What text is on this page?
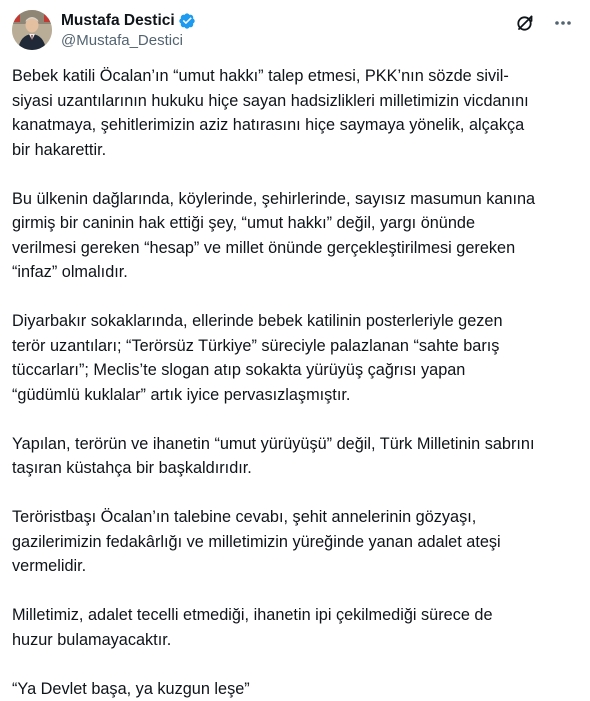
Mustafa Destici
@Mustafa_Destici

Bebek katili Öcalan’ın “umut hakkı” talep etmesi, PKK’nın sözde sivil-
siyasi uzantılarının hukuku hiçe sayan hadsizlikleri milletimizin vicdanını
kanatmaya, şehitlerimizin aziz hatırasını hiçe saymaya yönelik, alçakça
bir hakarettir.

Bu ülkenin dağlarında, köylerinde, şehirlerinde, sayısız masumun kanına
girmiş bir caninin hak ettiği şey, “umut hakkı” değil, yargı önünde
verilmesi gereken “hesap” ve millet önünde gerçekleştirilmesi gereken
“infaz” olmalıdır.

Diyarbakır sokaklarında, ellerinde bebek katilinin posterleriyle gezen
terör uzantıları; “Terörsüz Türkiye” süreciyle palazlanan “sahte barış
tüccarları”; Meclis’te slogan atıp sokakta yürüyüş çağrısı yapan
“güdümlü kuklalar” artık iyice pervasızlaşmıştır.

Yapılan, terörün ve ihanetin “umut yürüyüşü” değil, Türk Milletinin sabrını
taşıran küstahça bir başkaldırıdır.

Teröristbaşı Öcalan’ın talebine cevabı, şehit annelerinin gözyaşı,
gazilerimizin fedakârlığı ve milletimizin yüreğinde yanan adalet ateşi
vermelidir.

Milletimiz, adalet tecelli etmediği, ihanetin ipi çekilmediği sürece de
huzur bulamayacaktır.

“Ya Devlet başa, ya kuzgun leşe”
